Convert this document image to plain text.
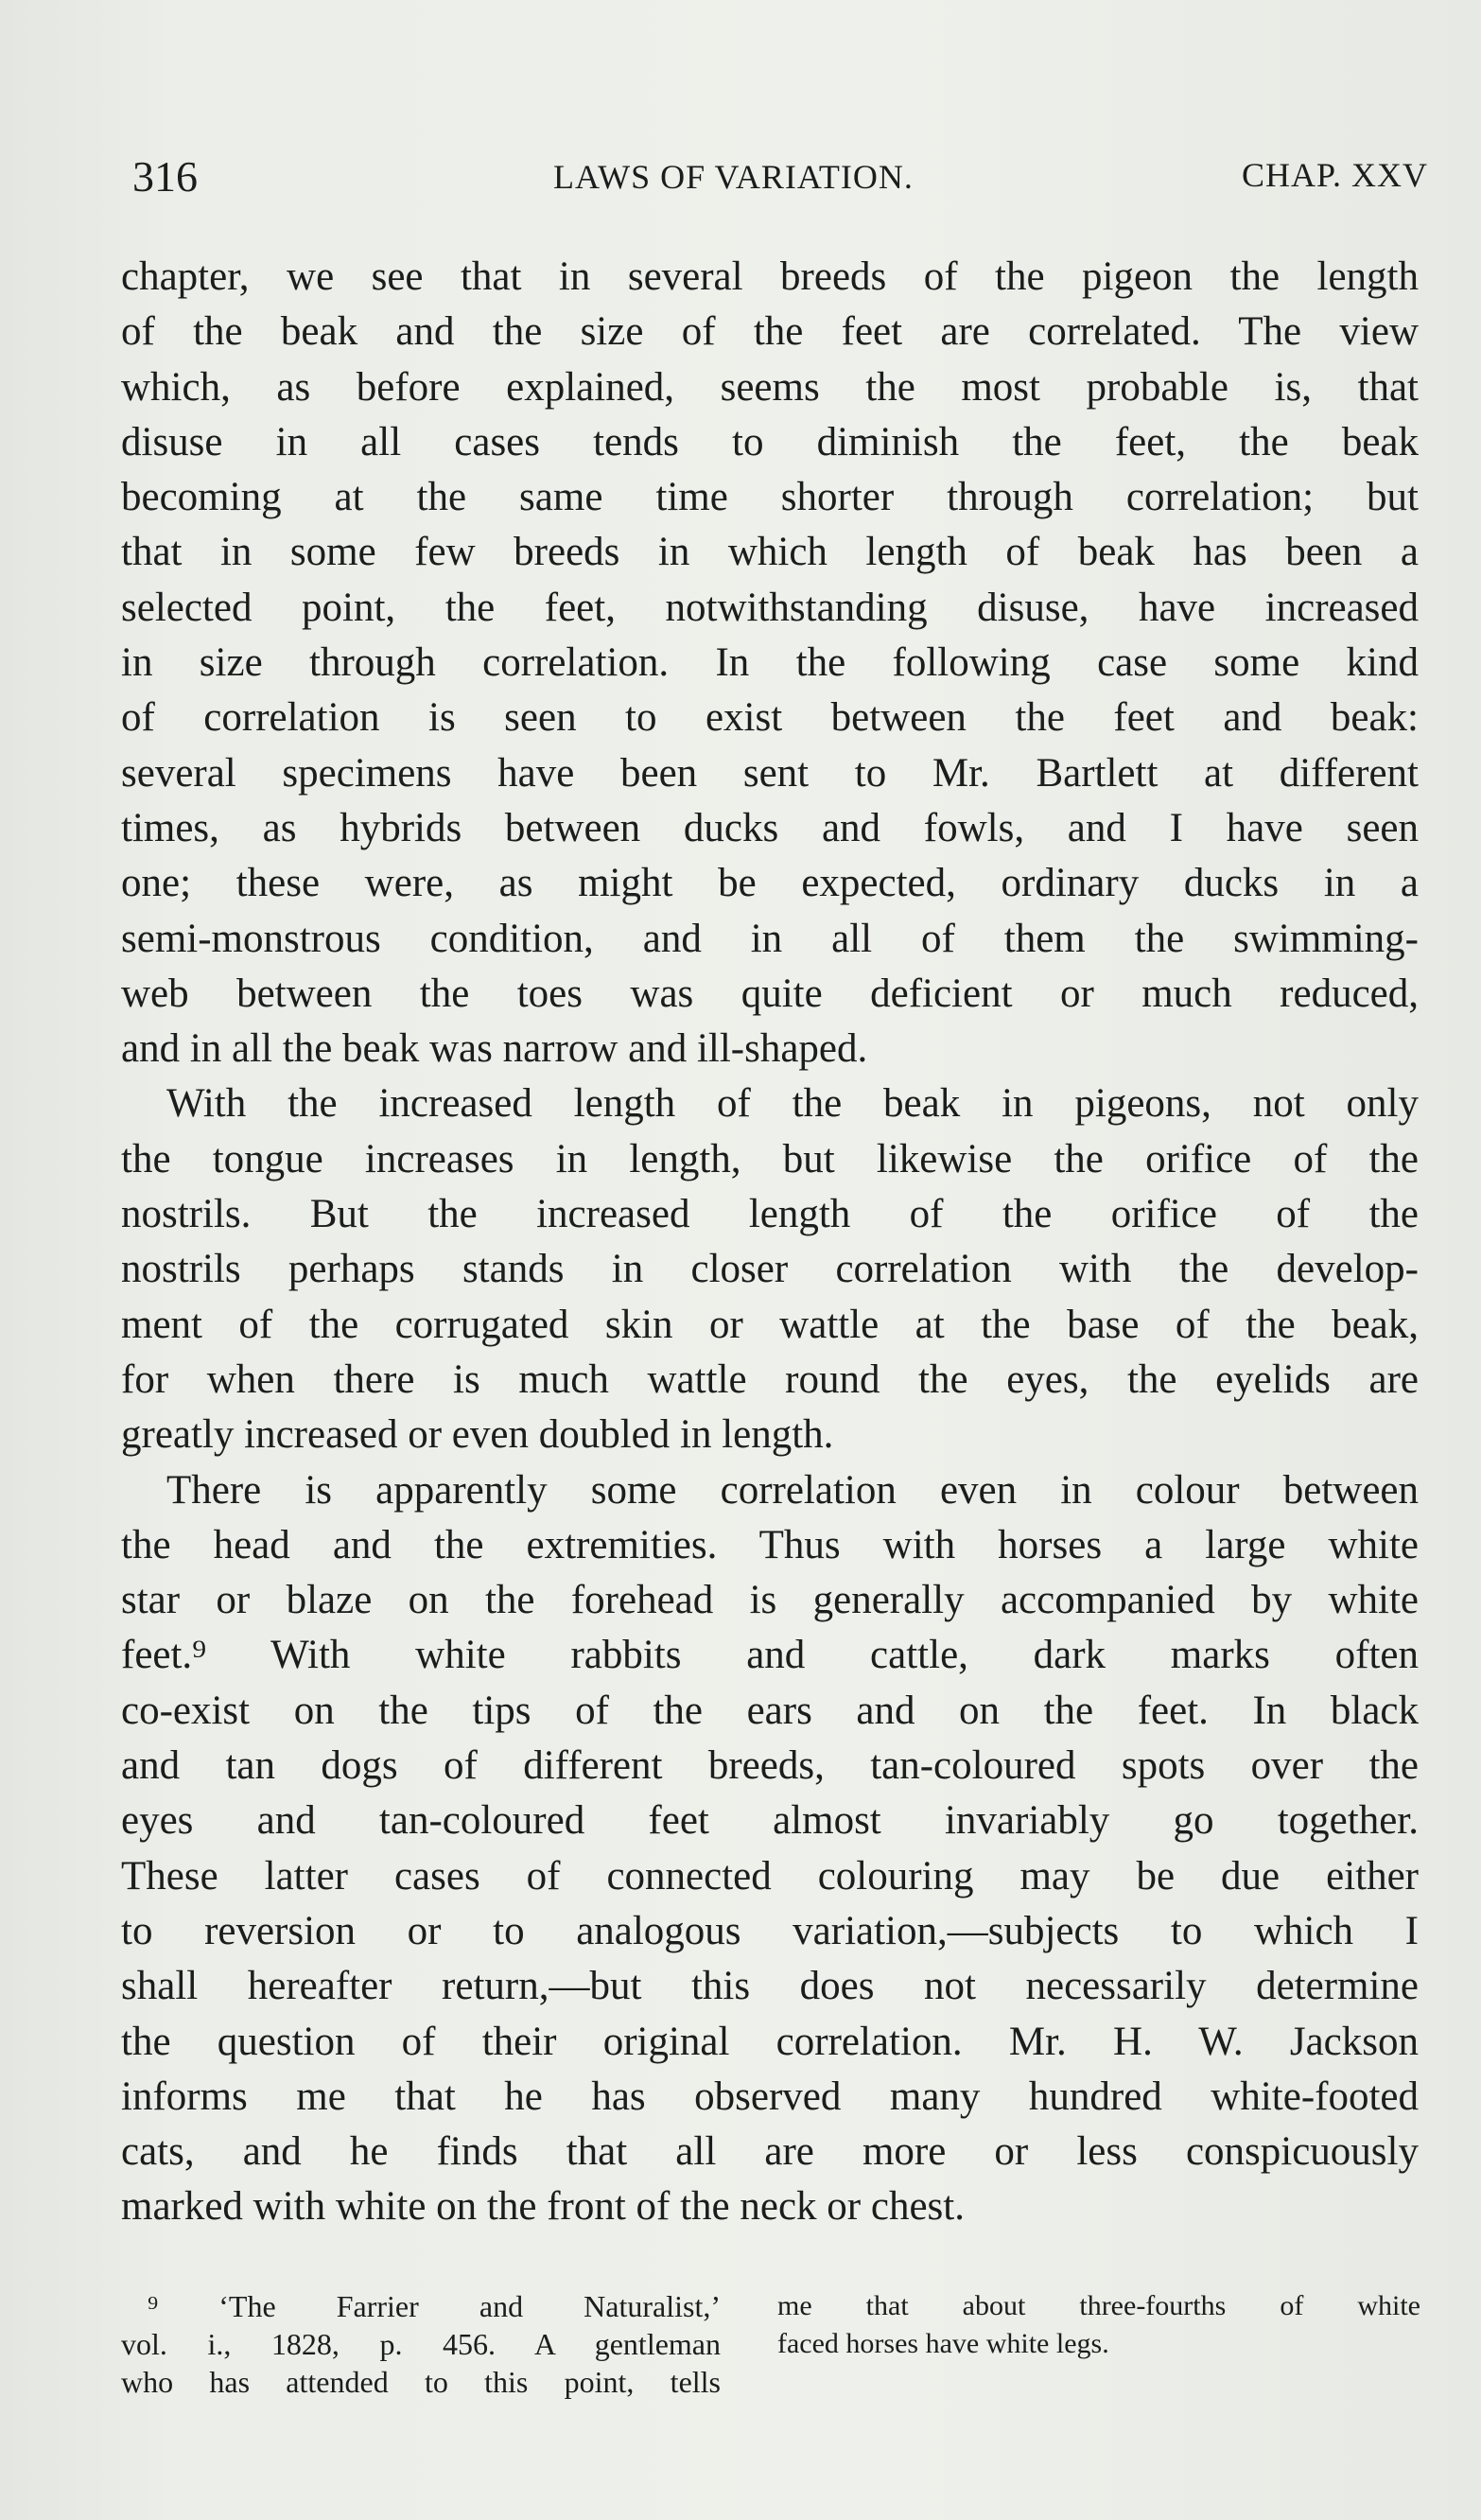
316	LAWS OF VARIATION.	CHAP. XXV
chapter, we see that in several breeds of the pigeon the length
of the beak and the size of the feet are correlated. The view
which, as before explained, seems the most probable is, that
disuse in all cases tends to diminish the feet, the beak
becoming at the same time shorter through correlation; but
that in some few breeds in which length of beak has been a
selected point, the feet, notwithstanding disuse, have increased
in size through correlation. In the following case some kind
of correlation is seen to exist between the feet and beak:
several specimens have been sent to Mr. Bartlett at different
times, as hybrids between ducks and fowls, and I have seen
one; these were, as might be expected, ordinary ducks in a
semi-monstrous condition, and in all of them the swimming-
web between the toes was quite deficient or much reduced,
and in all the beak was narrow and ill-shaped.
With the increased length of the beak in pigeons, not only
the tongue increases in length, but likewise the orifice of the
nostrils. But the increased length of the orifice of the
nostrils perhaps stands in closer correlation with the develop-
ment of the corrugated skin or wattle at the base of the beak,
for when there is much wattle round the eyes, the eyelids are
greatly increased or even doubled in length.
There is apparently some correlation even in colour between
the head and the extremities. Thus with horses a large white
star or blaze on the forehead is generally accompanied by white
feet.⁹ With white rabbits and cattle, dark marks often
co-exist on the tips of the ears and on the feet. In black
and tan dogs of different breeds, tan-coloured spots over the
eyes and tan-coloured feet almost invariably go together.
These latter cases of connected colouring may be due either
to reversion or to analogous variation,—subjects to which I
shall hereafter return,—but this does not necessarily determine
the question of their original correlation. Mr. H. W. Jackson
informs me that he has observed many hundred white-footed
cats, and he finds that all are more or less conspicuously
marked with white on the front of the neck or chest.
⁹ ‘The Farrier and Naturalist,’
vol. i., 1828, p. 456. A gentleman
who has attended to this point, tells
me that about three-fourths of white
faced horses have white legs.
